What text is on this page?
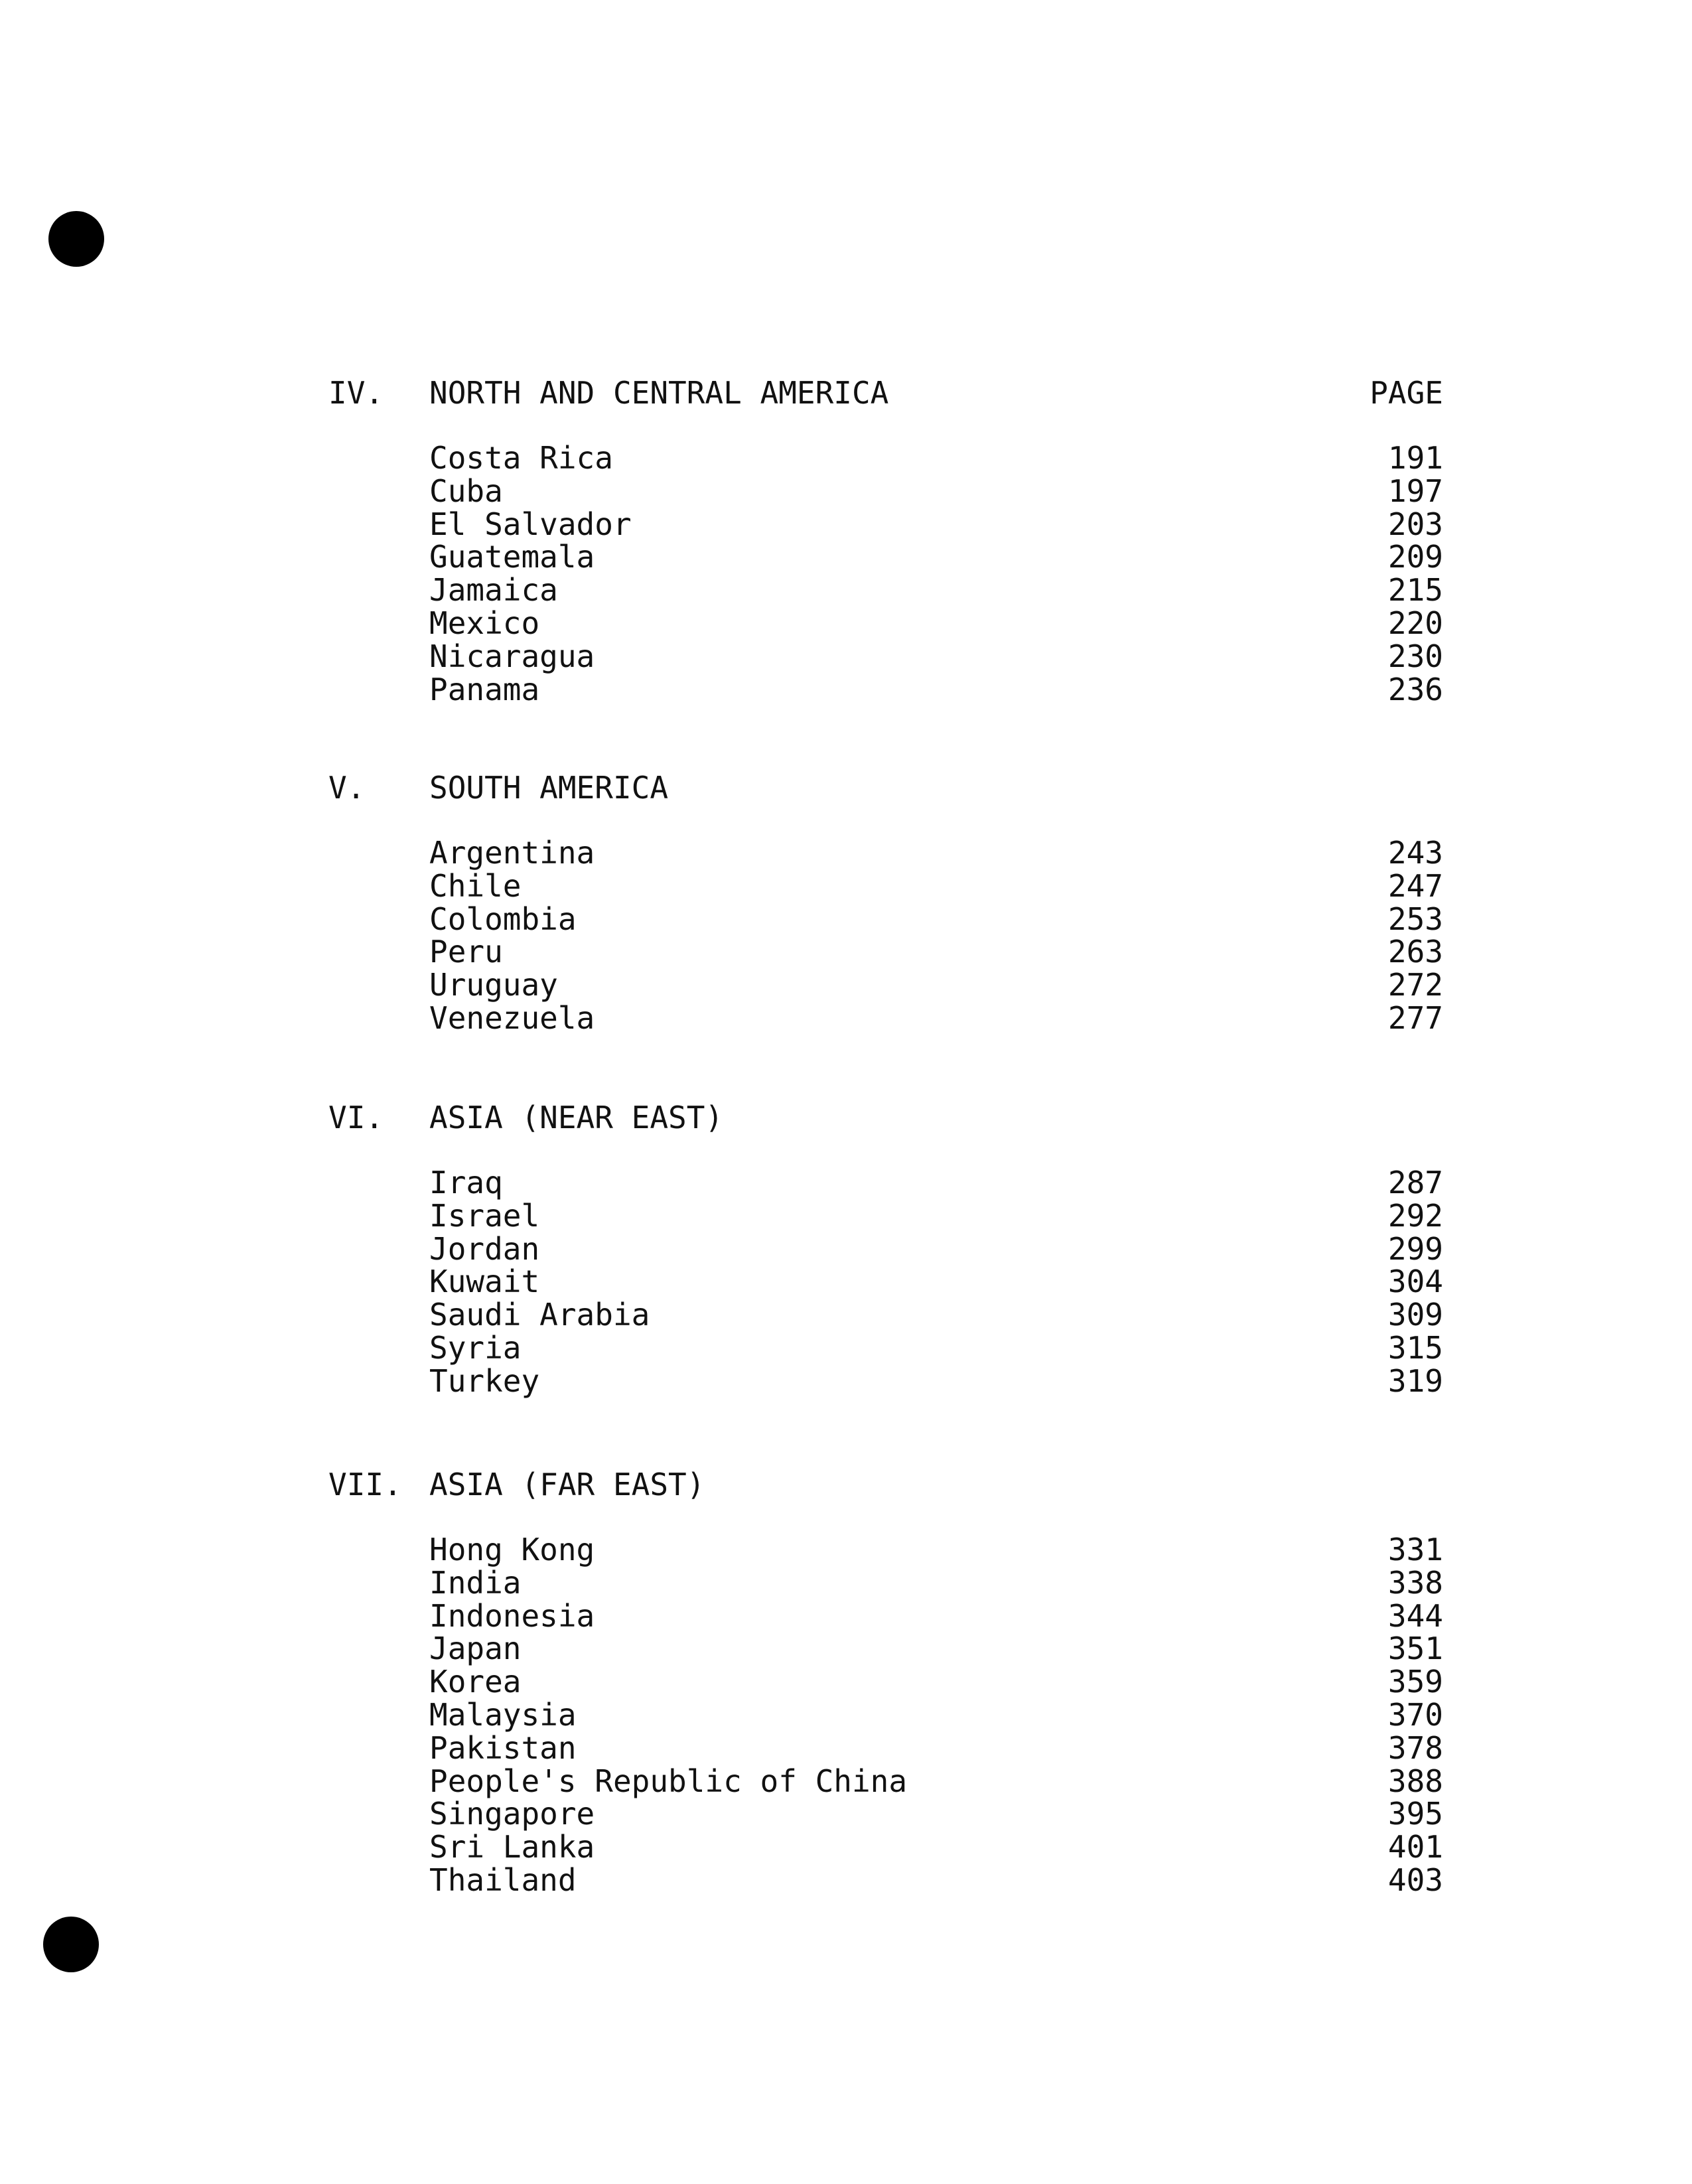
PAGE
IV. NORTH AND CENTRAL AMERICA
Costa Rica	191
Cuba	197
El Salvador	203
Guatemala	209
Jamaica	215
Mexico	220
Nicaragua	230
Panama	236
V. SOUTH AMERICA
Argentina	243
Chile	247
Colombia	253
Peru	263
Uruguay	272
Venezuela	277
VI. ASIA (NEAR EAST)
Iraq	287
Israel	292
Jordan	299
Kuwait	304
Saudi Arabia	309
Syria	315
Turkey	319
VII. ASIA (FAR EAST)
Hong Kong	331
India	338
Indonesia	344
Japan	351
Korea	359
Malaysia	370
Pakistan	378
People's Republic of China	388
Singapore	395
Sri Lanka	401
Thailand	403
